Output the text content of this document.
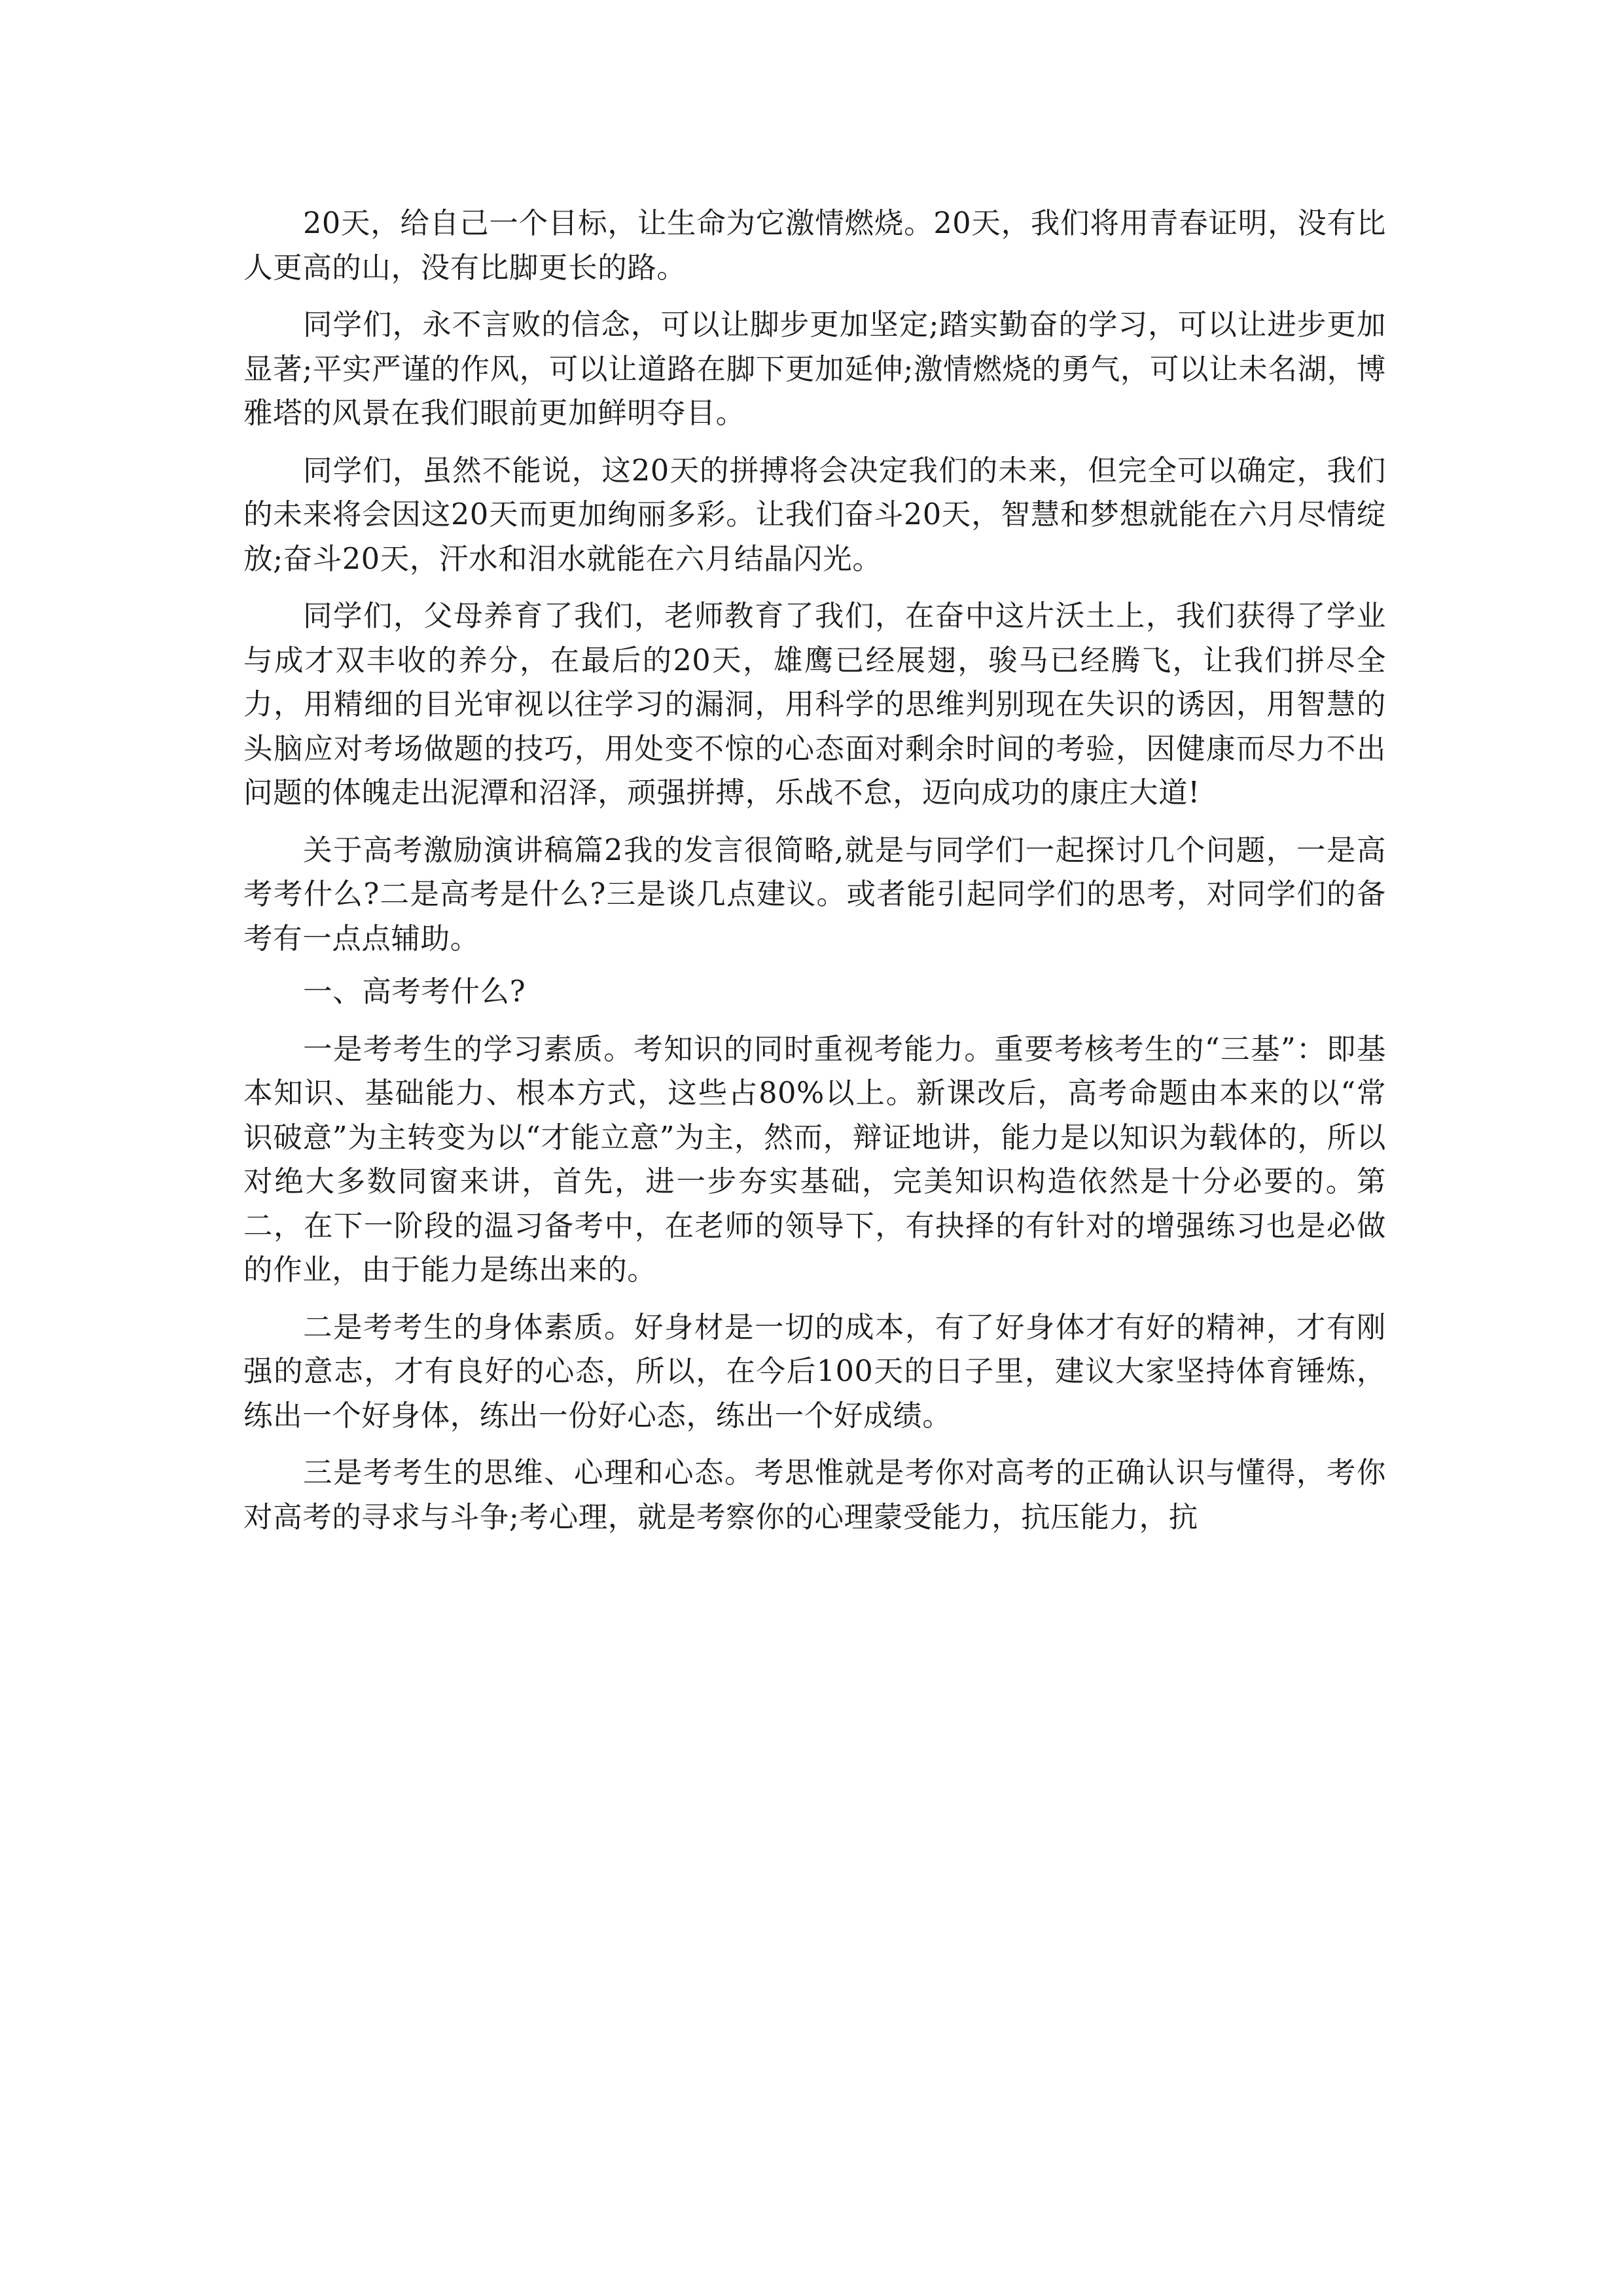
20天，给自己一个目标，让生命为它激情燃烧。20天，我们将用青春证明，没有比人更高的山，没有比脚更长的路。

同学们，永不言败的信念，可以让脚步更加坚定;踏实勤奋的学习，可以让进步更加显著;平实严谨的作风，可以让道路在脚下更加延伸;激情燃烧的勇气，可以让未名湖，博雅塔的风景在我们眼前更加鲜明夺目。

同学们，虽然不能说，这20天的拼搏将会决定我们的未来，但完全可以确定，我们的未来将会因这20天而更加绚丽多彩。让我们奋斗20天，智慧和梦想就能在六月尽情绽放;奋斗20天，汗水和泪水就能在六月结晶闪光。

同学们，父母养育了我们，老师教育了我们，在奋中这片沃土上，我们获得了学业与成才双丰收的养分，在最后的20天，雄鹰已经展翅，骏马已经腾飞，让我们拼尽全力，用精细的目光审视以往学习的漏洞，用科学的思维判别现在失识的诱因，用智慧的头脑应对考场做题的技巧，用处变不惊的心态面对剩余时间的考验，因健康而尽力不出问题的体魄走出泥潭和沼泽，顽强拼搏，乐战不怠，迈向成功的康庄大道!

关于高考激励演讲稿篇2我的发言很简略,就是与同学们一起探讨几个问题，一是高考考什么?二是高考是什么?三是谈几点建议。或者能引起同学们的思考，对同学们的备考有一点点辅助。

一、高考考什么?

一是考考生的学习素质。考知识的同时重视考能力。重要考核考生的“三基”：即基本知识、基础能力、根本方式，这些占80%以上。新课改后，高考命题由本来的以“常识破意”为主转变为以“才能立意”为主，然而，辩证地讲，能力是以知识为载体的，所以对绝大多数同窗来讲，首先，进一步夯实基础，完美知识构造依然是十分必要的。第二，在下一阶段的温习备考中，在老师的领导下，有抉择的有针对的增强练习也是必做的作业，由于能力是练出来的。

二是考考生的身体素质。好身材是一切的成本，有了好身体才有好的精神，才有刚强的意志，才有良好的心态，所以，在今后100天的日子里，建议大家坚持体育锤炼，练出一个好身体，练出一份好心态，练出一个好成绩。

三是考考生的思维、心理和心态。考思惟就是考你对高考的正确认识与懂得，考你对高考的寻求与斗争;考心理，就是考察你的心理蒙受能力，抗压能力，抗
